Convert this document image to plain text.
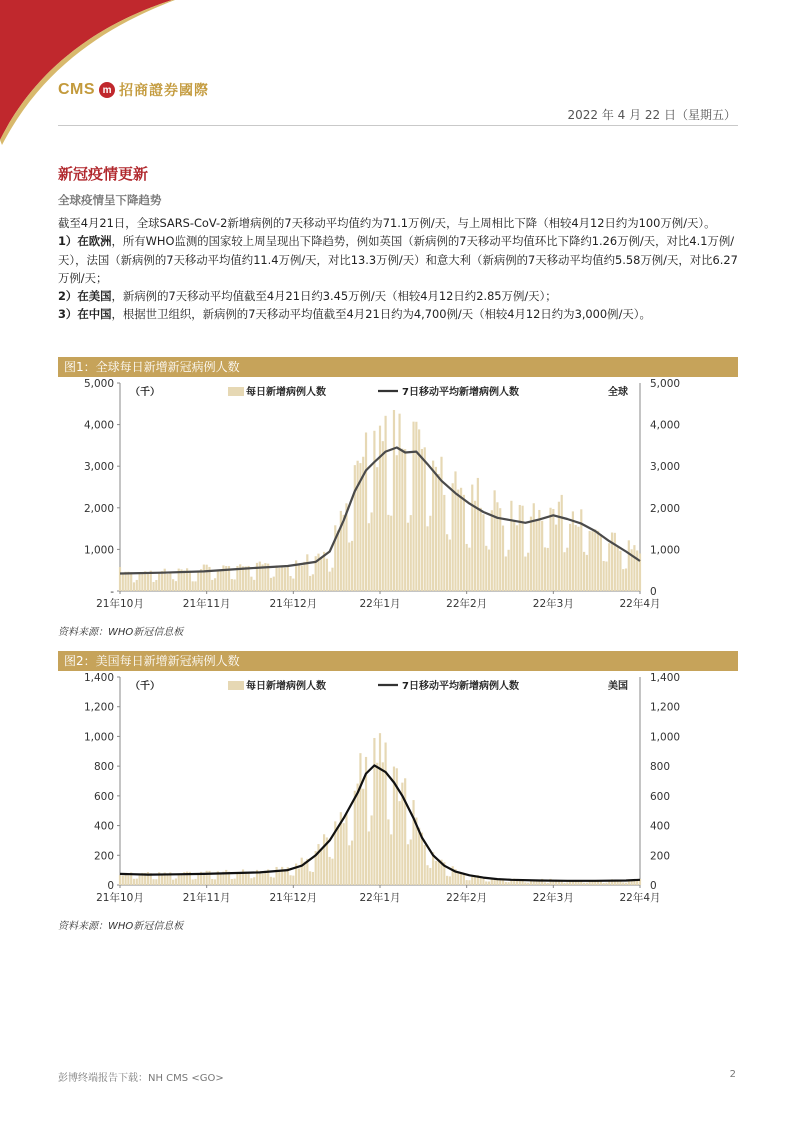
CMS m 招商證券國際
2022 年 4 月 22 日（星期五）
新冠疫情更新
全球疫情呈下降趋势

截至4月21日，全球SARS-CoV-2新增病例的7天移动平均值约为71.1万例/天，与上周相比下降（相较4月12日约为100万例/天）。

1）在欧洲，所有WHO监测的国家较上周呈现出下降趋势，例如英国（新病例的7天移动平均值环比下降约1.26万例/天，对比4.1万例/天），法国（新病例的7天移动平均值约11.4万例/天，对比13.3万例/天）和意大利（新病例的7天移动平均值约5.58万例/天，对比6.27万例/天；

2）在美国，新病例的7天移动平均值截至4月21日约3.45万例/天（相较4月12日约2.85万例/天）；

3）在中国，根据世卫组织，新病例的7天移动平均值截至4月21日约为4,700例/天（相较4月12日约为3,000例/天）。

图1：全球每日新增新冠病例人数
-	0
1,000	1,000
2,000	2,000
3,000	3,000
4,000	4,000
5,000	5,000
21年10月	21年11月	21年12月	22年1月	22年2月	22年3月	22年4月
（千）	每日新增病例人数	7日移动平均新增病例人数	全球
资料来源：WHO新冠信息板
图2：美国每日新增新冠病例人数
0	0
200	200
400	400
600	600
800	800
1,000	1,000
1,200	1,200
1,400	1,400
21年10月	21年11月	21年12月	22年1月	22年2月	22年3月	22年4月
（千）	每日新增病例人数	7日移动平均新增病例人数	美国
资料来源：WHO新冠信息板
彭博终端报告下载：NH CMS <GO>	2
